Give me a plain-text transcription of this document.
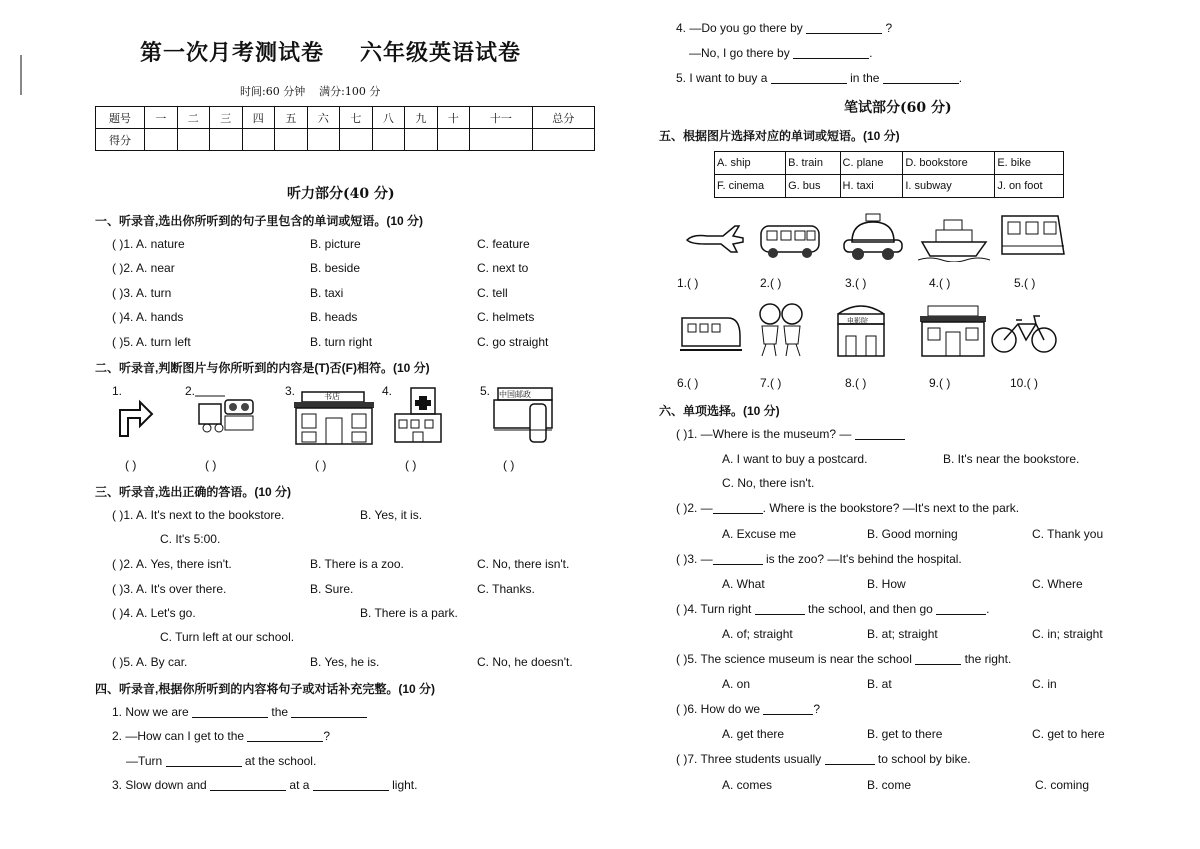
第一次月考测试卷 六年级英语试卷
时间:60 分钟    满分:100 分
题号	一	二	三	四	五	六	七	八	九	十	十一	总分
得分												
听力部分(40 分)
一、听录音,选出你所听到的句子里包含的单词或短语。(10 分)
( )1. A. nature	B. picture	C. feature
( )2. A. near	B. beside	C. next to
( )3. A. turn	B. taxi	C. tell
( )4. A. hands	B. heads	C. helmets
( )5. A. turn left	B. turn right	C. go straight
二、听录音,判断图片与你所听到的内容是(T)否(F)相符。(10 分)
1.	2.	3.	4.	5.
书店	中国邮政
( )	( )	( )	( )	( )
三、听录音,选出正确的答语。(10 分)
( )1. A. It's next to the bookstore.	B. Yes, it is.
C. It's 5:00.
( )2. A. Yes, there isn't.	B. There is a zoo.	C. No, there isn't.
( )3. A. It's over there.	B. Sure.	C. Thanks.
( )4. A. Let's go.	B. There is a park.
C. Turn left at our school.
( )5. A. By car.	B. Yes, he is.	C. No, he doesn't.
四、听录音,根据你所听到的内容将句子或对话补充完整。(10 分)
1. Now we are	the
2. —How can I get to the	?
—Turn	at the school.
3. Slow down and	at a	light.
4. —Do you go there by	?
—No, I go there by	.
5. I want to buy a	in the	.
笔试部分(60 分)
五、根据图片选择对应的单词或短语。(10 分)
A. ship	B. train	C. plane	D. bookstore	E. bike
F. cinema	G. bus	H. taxi	I. subway	J. on foot
1.( )	2.( )	3.( )	4.( )	5.( )
电影院
6.( )	7.( )	8.( )	9.( )	10.( )
六、单项选择。(10 分)
( )1. —Where is the museum? —
A. I want to buy a postcard.	B. It's near the bookstore.
C. No, there isn't.
( )2. —	. Where is the bookstore? —It's next to the park.
A. Excuse me	B. Good morning	C. Thank you
( )3. —	is the zoo? —It's behind the hospital.
A. What	B. How	C. Where
( )4. Turn right	the school, and then go	.
A. of; straight	B. at; straight	C. in; straight
( )5. The science museum is near the school	the right.
A. on	B. at	C. in
( )6. How do we	?
A. get there	B. get to there	C. get to here
( )7. Three students usually	to school by bike.
A. comes	B. come	C. coming
